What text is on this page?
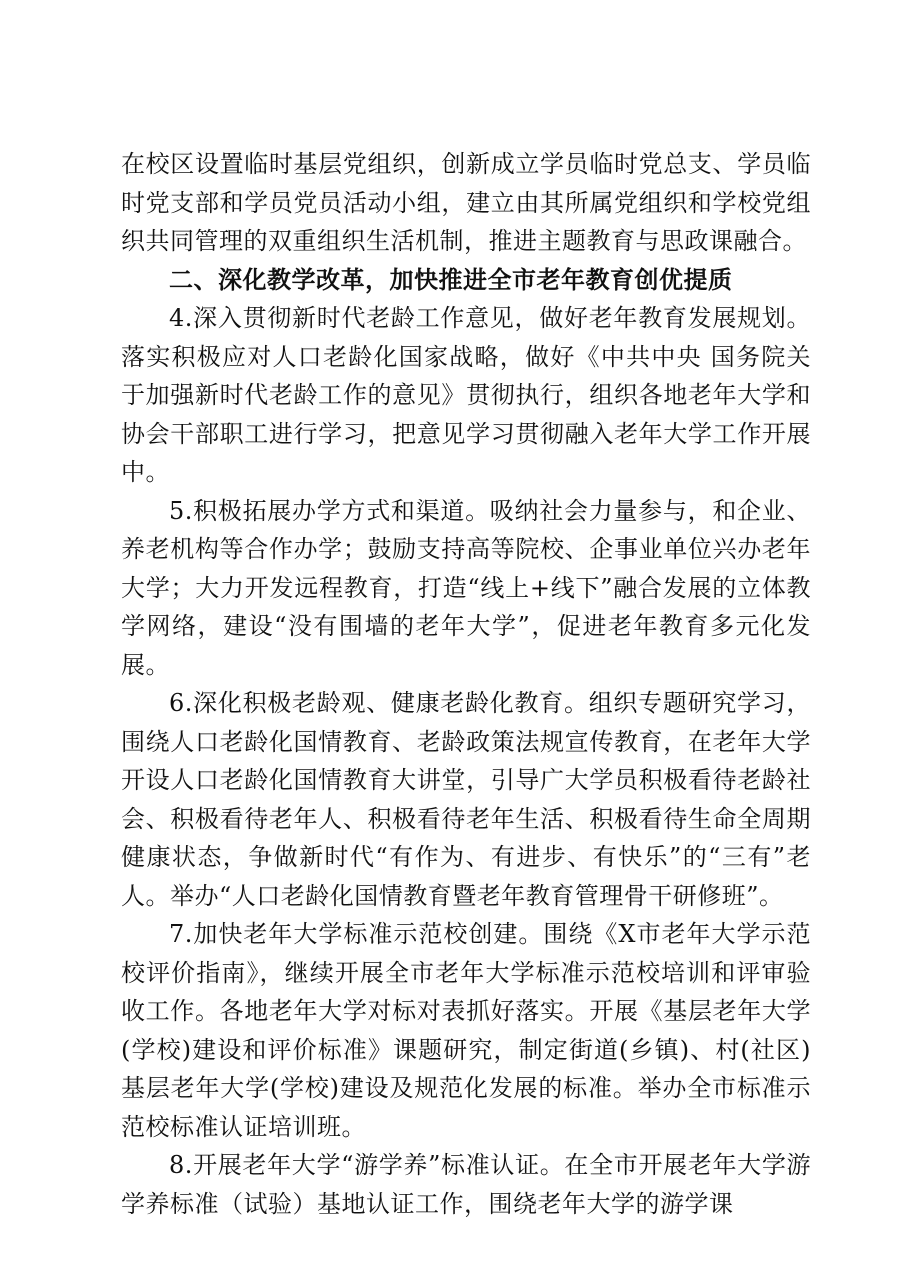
在校区设置临时基层党组织，创新成立学员临时党总支、学员临时党支部和学员党员活动小组，建立由其所属党组织和学校党组织共同管理的双重组织生活机制，推进主题教育与思政课融合。

二、深化教学改革，加快推进全市老年教育创优提质

4.深入贯彻新时代老龄工作意见，做好老年教育发展规划。落实积极应对人口老龄化国家战略，做好《中共中央 国务院关于加强新时代老龄工作的意见》贯彻执行，组织各地老年大学和协会干部职工进行学习，把意见学习贯彻融入老年大学工作开展中。

5.积极拓展办学方式和渠道。吸纳社会力量参与，和企业、养老机构等合作办学；鼓励支持高等院校、企事业单位兴办老年大学；大力开发远程教育，打造“线上+线下”融合发展的立体教学网络，建设“没有围墙的老年大学”，促进老年教育多元化发展。

6.深化积极老龄观、健康老龄化教育。组织专题研究学习，围绕人口老龄化国情教育、老龄政策法规宣传教育，在老年大学开设人口老龄化国情教育大讲堂，引导广大学员积极看待老龄社会、积极看待老年人、积极看待老年生活、积极看待生命全周期健康状态，争做新时代“有作为、有进步、有快乐”的“三有”老人。举办“人口老龄化国情教育暨老年教育管理骨干研修班”。

7.加快老年大学标准示范校创建。围绕《X市老年大学示范校评价指南》，继续开展全市老年大学标准示范校培训和评审验收工作。各地老年大学对标对表抓好落实。开展《基层老年大学(学校)建设和评价标准》课题研究，制定街道(乡镇)、村(社区)基层老年大学(学校)建设及规范化发展的标准。举办全市标准示范校标准认证培训班。

8.开展老年大学“游学养”标准认证。在全市开展老年大学游学养标准（试验）基地认证工作，围绕老年大学的游学课
